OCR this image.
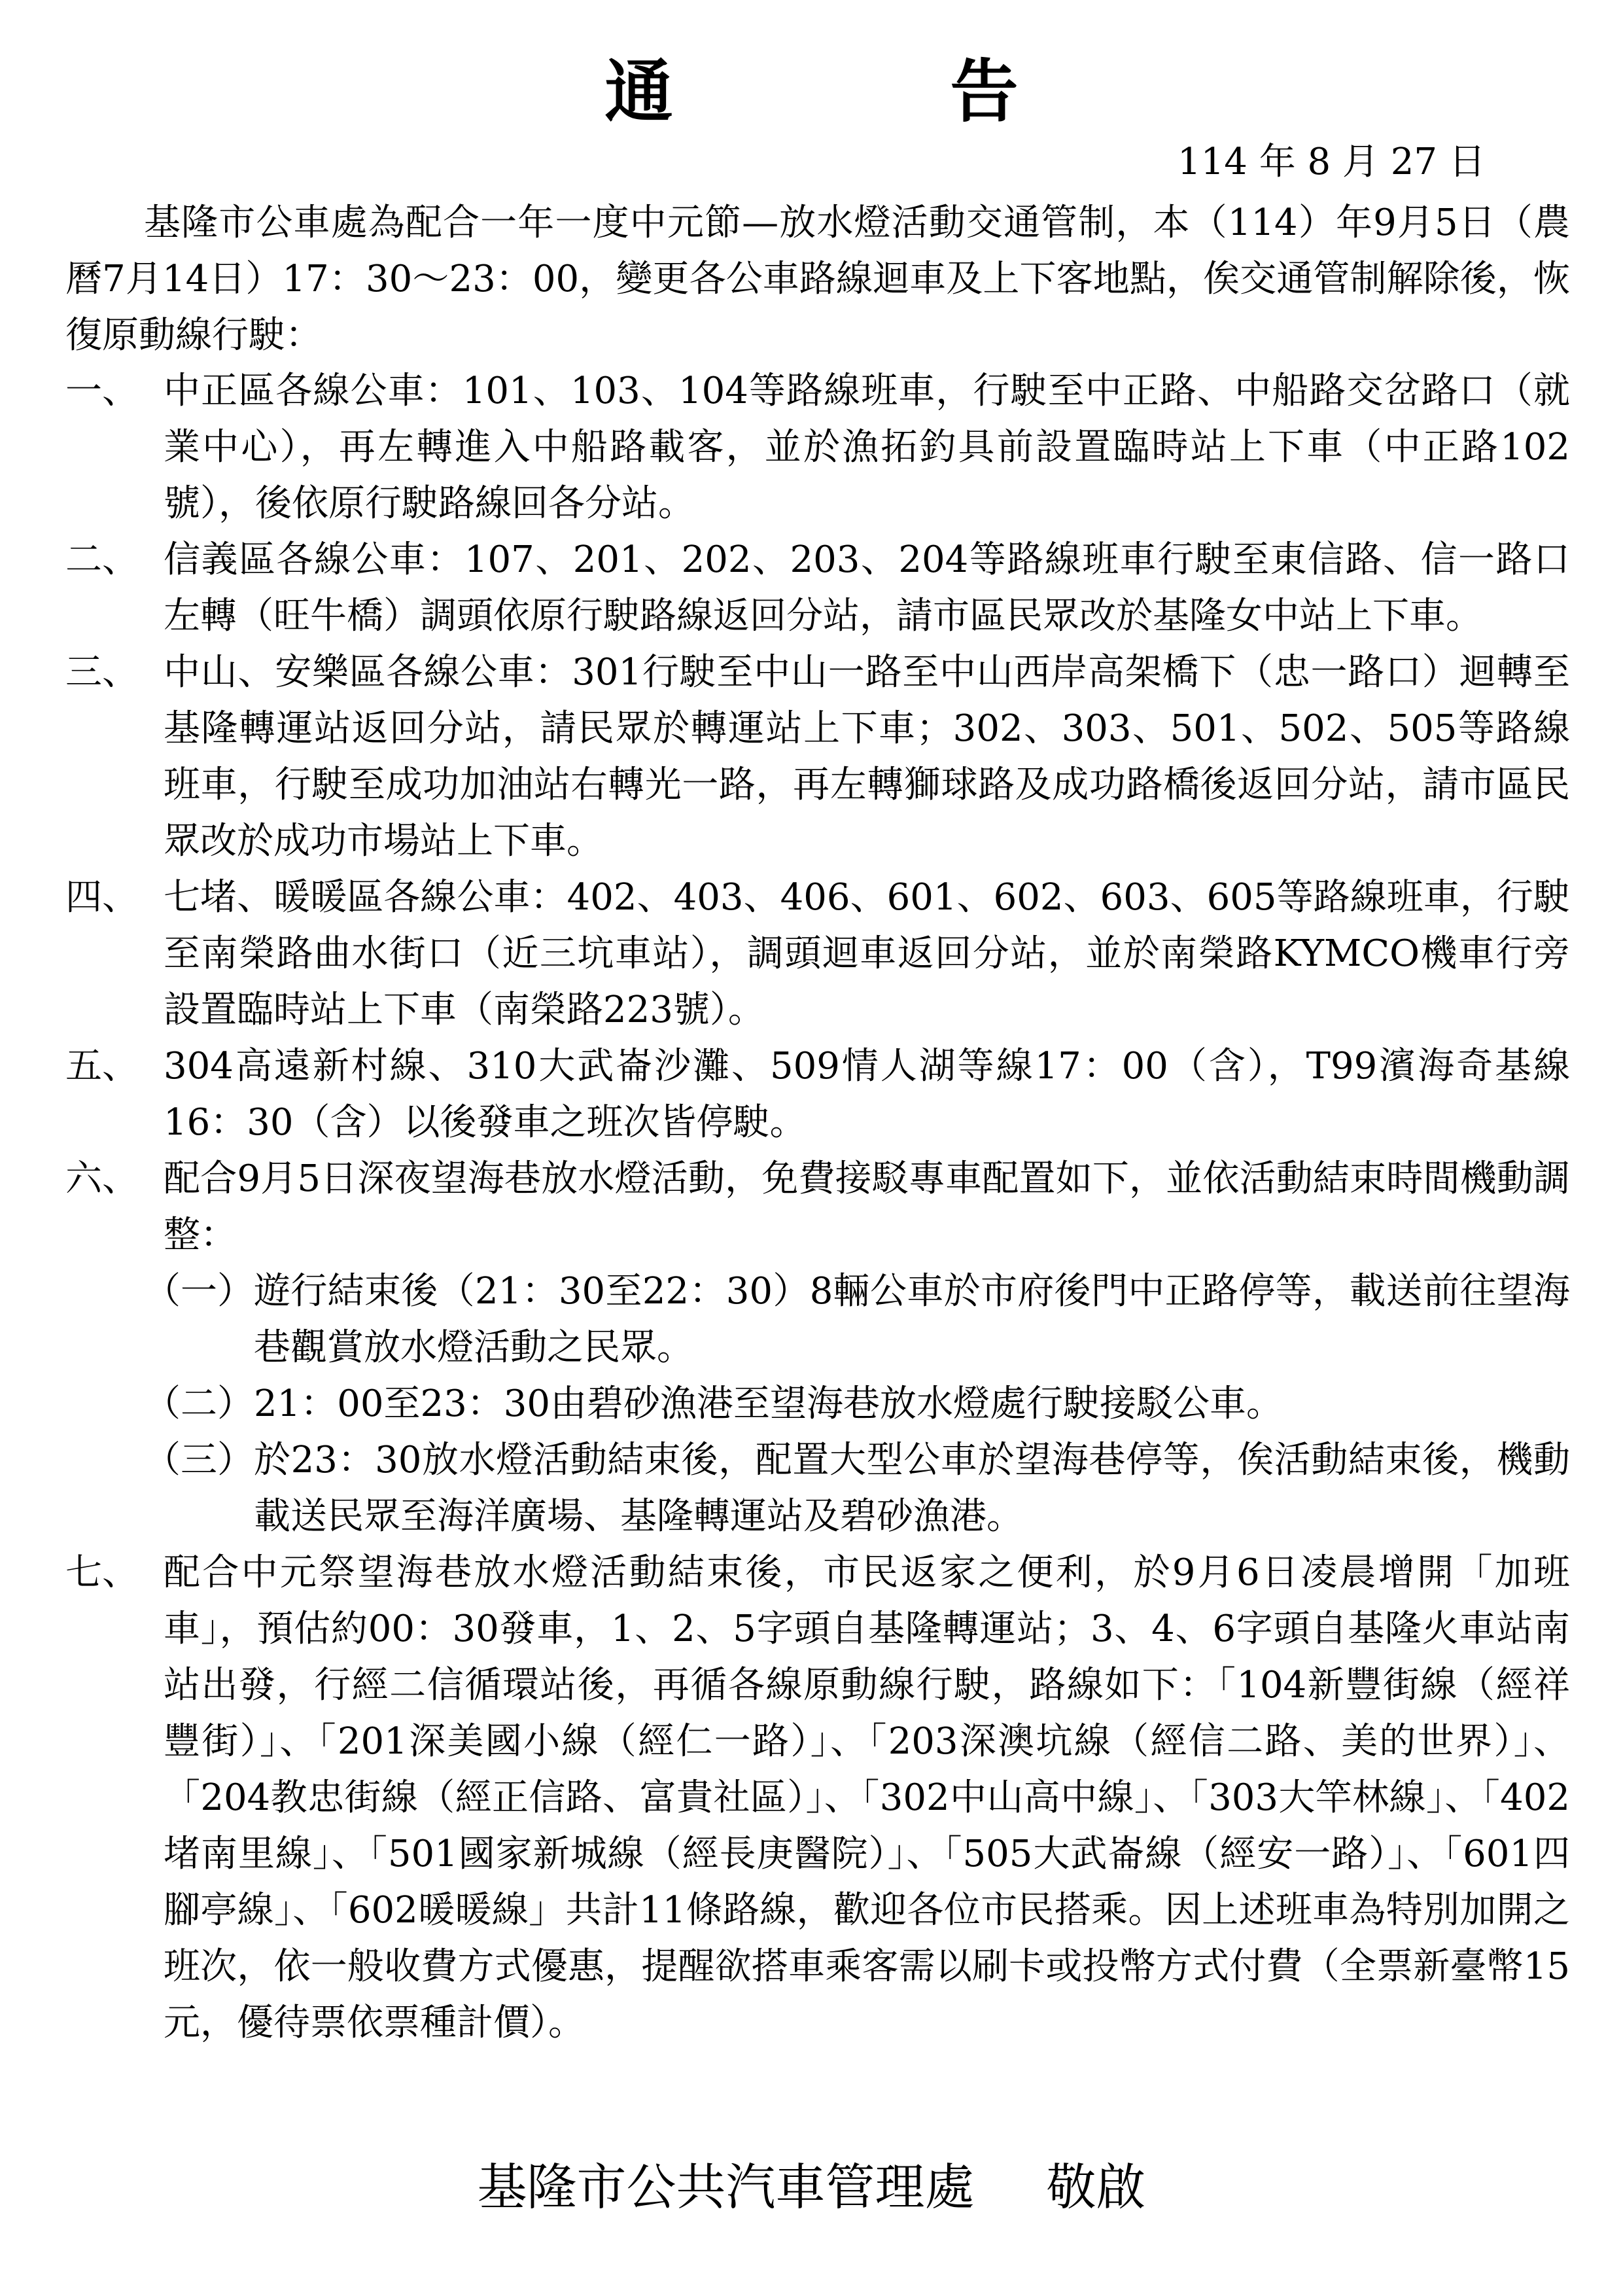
通　告
114 年 8 月 27 日

基隆市公車處為配合一年一度中元節—放水燈活動交通管制，本（114）年9月5日（農曆7月14日）17：30～23：00，變更各公車路線迴車及上下客地點，俟交通管制解除後，恢復原動線行駛：

一、 中正區各線公車：101、103、104等路線班車，行駛至中正路、中船路交岔路口（就業中心），再左轉進入中船路載客，並於漁拓釣具前設置臨時站上下車（中正路102號），後依原行駛路線回各分站。
二、 信義區各線公車：107、201、202、203、204等路線班車行駛至東信路、信一路口左轉（旺牛橋）調頭依原行駛路線返回分站，請市區民眾改於基隆女中站上下車。
三、 中山、安樂區各線公車：301行駛至中山一路至中山西岸高架橋下（忠一路口）迴轉至基隆轉運站返回分站，請民眾於轉運站上下車；302、303、501、502、505等路線班車，行駛至成功加油站右轉光一路，再左轉獅球路及成功路橋後返回分站，請市區民眾改於成功市場站上下車。
四、 七堵、暖暖區各線公車：402、403、406、601、602、603、605等路線班車，行駛至南榮路曲水街口（近三坑車站），調頭迴車返回分站，並於南榮路KYMCO機車行旁設置臨時站上下車（南榮路223號）。
五、 304高遠新村線、310大武崙沙灘、509情人湖等線17：00（含），T99濱海奇基線16：30（含）以後發車之班次皆停駛。
六、 配合9月5日深夜望海巷放水燈活動，免費接駁專車配置如下，並依活動結束時間機動調整：
（一） 遊行結束後（21：30至22：30）8輛公車於市府後門中正路停等，載送前往望海巷觀賞放水燈活動之民眾。
（二） 21：00至23：30由碧砂漁港至望海巷放水燈處行駛接駁公車。
（三） 於23：30放水燈活動結束後，配置大型公車於望海巷停等，俟活動結束後，機動載送民眾至海洋廣場、基隆轉運站及碧砂漁港。
七、 配合中元祭望海巷放水燈活動結束後，市民返家之便利，於9月6日凌晨增開「加班車」，預估約00：30發車，1、2、5字頭自基隆轉運站；3、4、6字頭自基隆火車站南站出發，行經二信循環站後，再循各線原動線行駛，路線如下：「104新豐街線（經祥豐街）」、「201深美國小線（經仁一路）」、「203深澳坑線（經信二路、美的世界）」、「204教忠街線（經正信路、富貴社區）」、「302中山高中線」、「303大竿林線」、「402堵南里線」、「501國家新城線（經長庚醫院）」、「505大武崙線（經安一路）」、「601四腳亭線」、「602暖暖線」共計11條路線，歡迎各位市民搭乘。因上述班車為特別加開之班次，依一般收費方式優惠，提醒欲搭車乘客需以刷卡或投幣方式付費（全票新臺幣15元，優待票依票種計價）。
基隆市公共汽車管理處 敬啟
